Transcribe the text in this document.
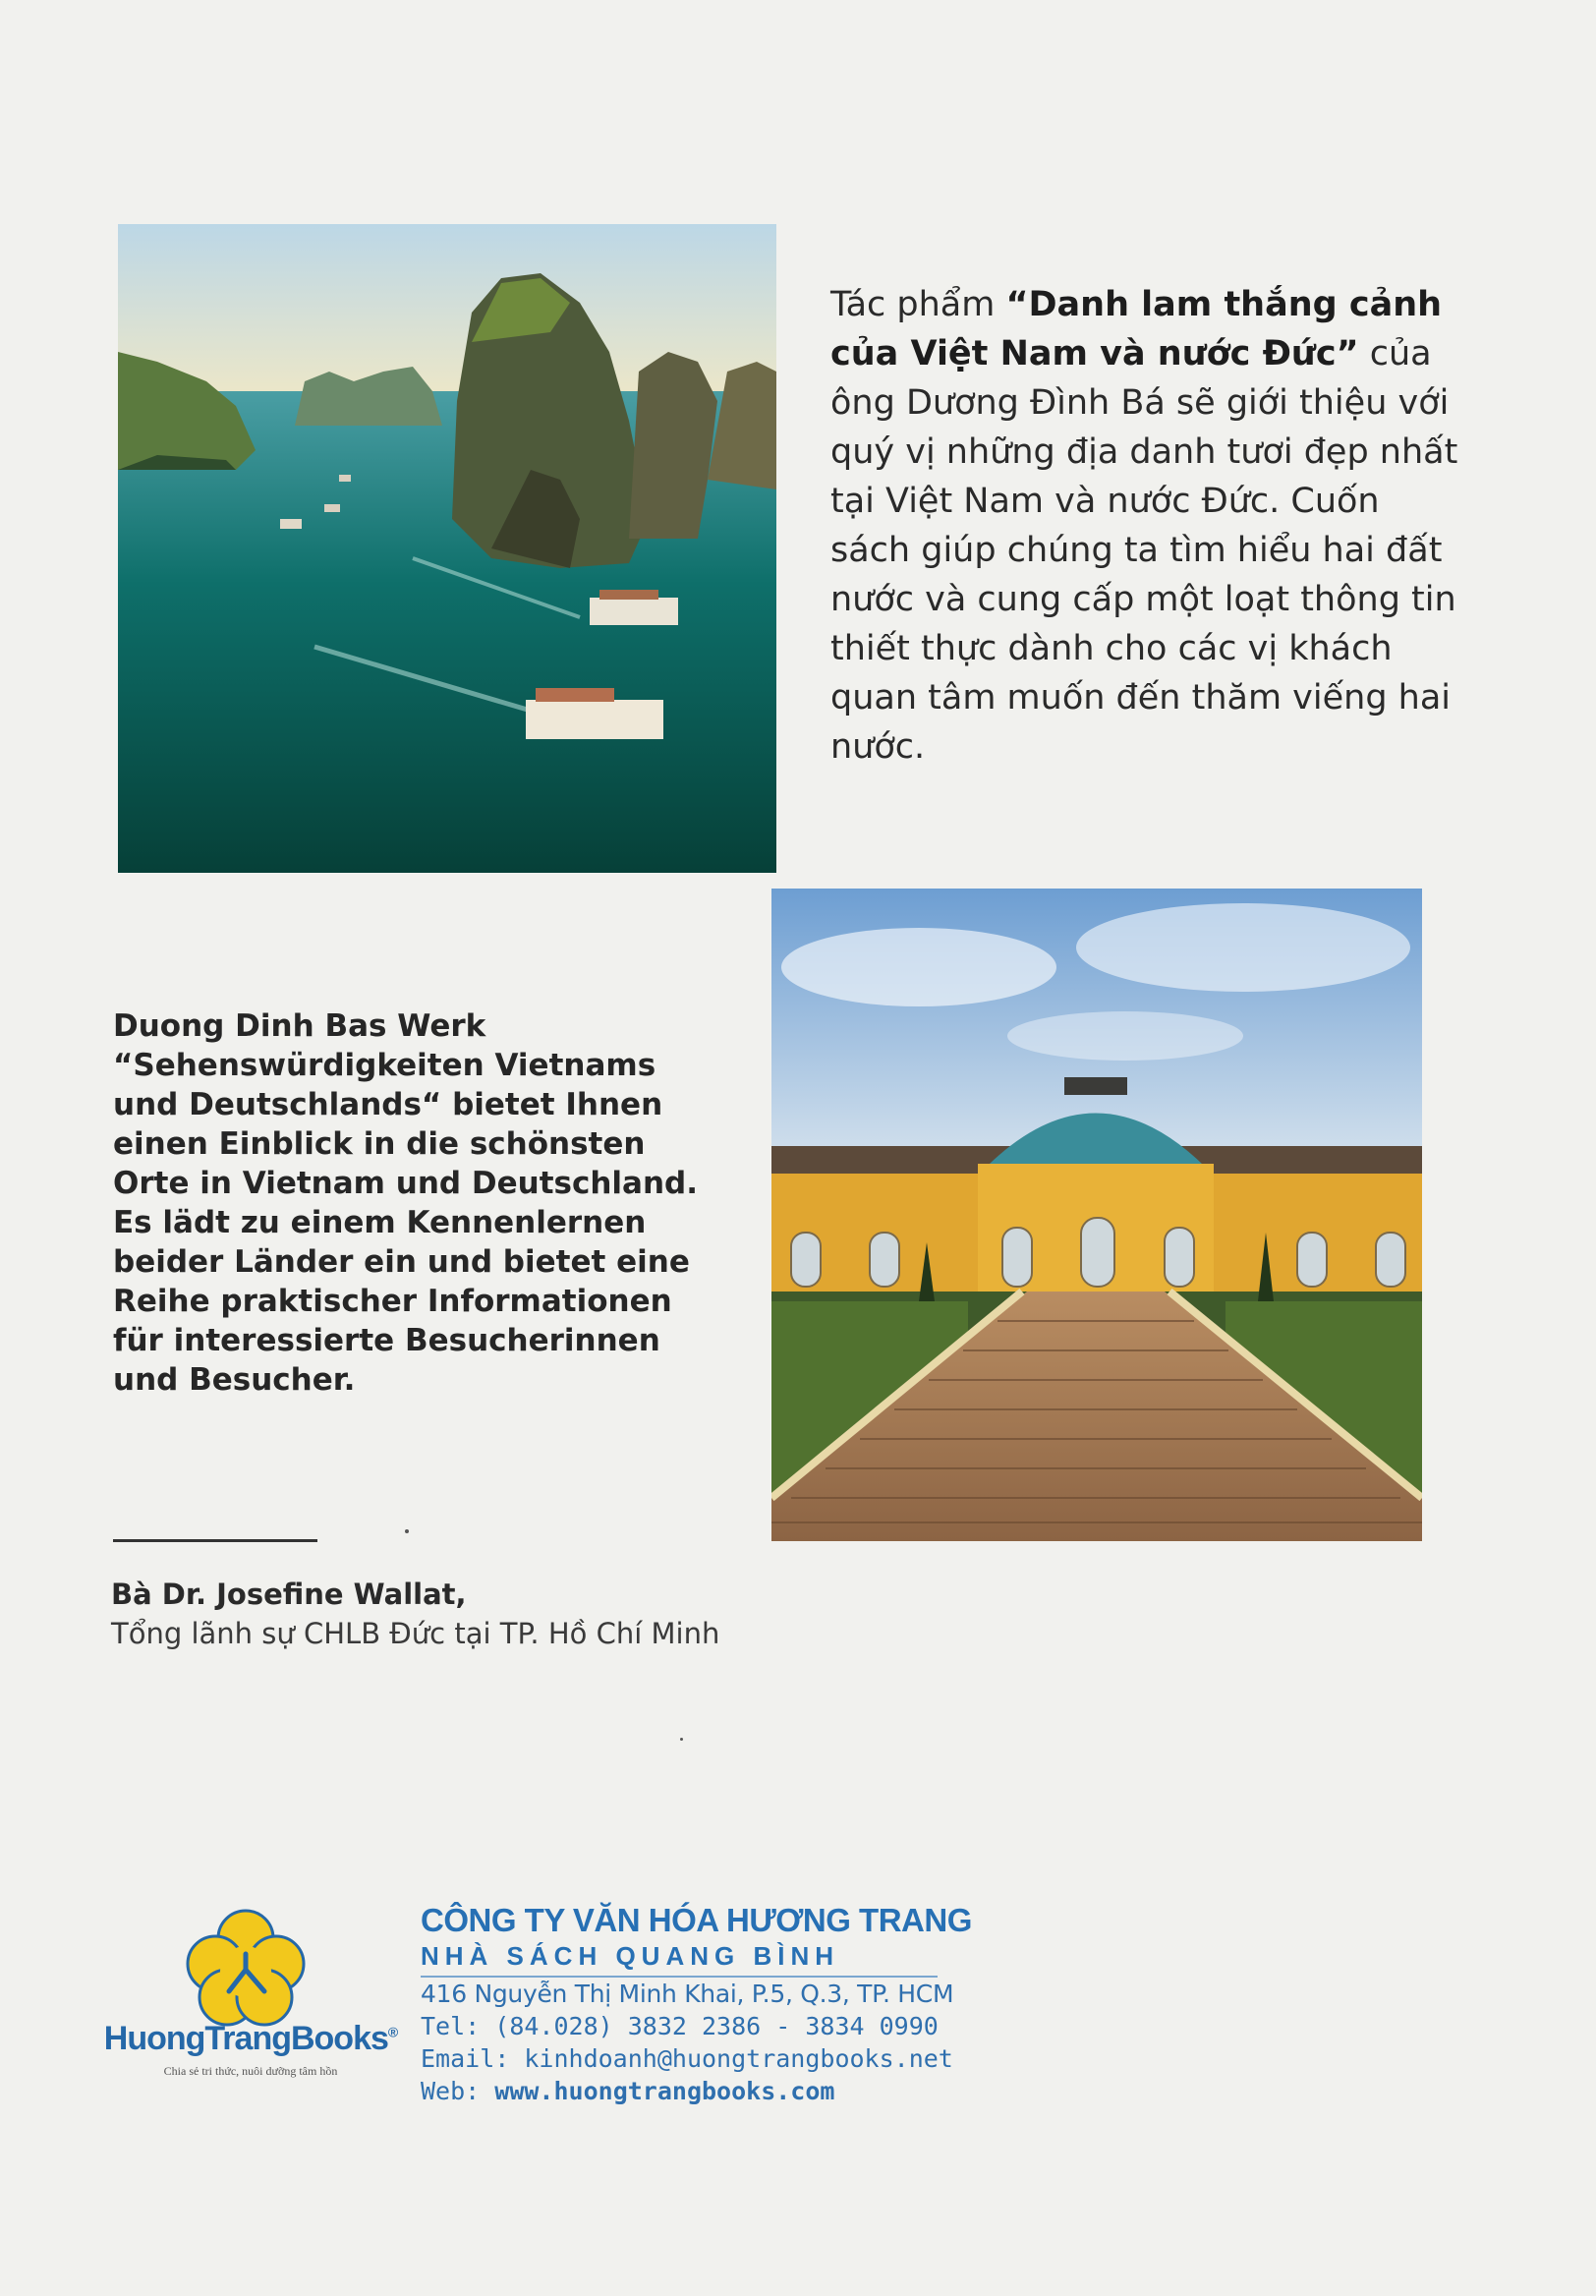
Tác phẩm “Danh lam thắng cảnh của Việt Nam và nước Đức” của ông Dương Đình Bá sẽ giới thiệu với quý vị những địa danh tươi đẹp nhất tại Việt Nam và nước Đức. Cuốn sách giúp chúng ta tìm hiểu hai đất nước và cung cấp một loạt thông tin thiết thực dành cho các vị khách quan tâm muốn đến thăm viếng hai nước.
Duong Dinh Bas Werk
“Sehenswürdigkeiten Vietnams
und Deutschlands“ bietet Ihnen
einen Einblick in die schönsten
Orte in Vietnam und Deutschland.
Es lädt zu einem Kennenlernen
beider Länder ein und bietet eine
Reihe praktischer Informationen
für interessierte Besucherinnen
und Besucher.
Bà Dr. Josefine Wallat,
Tổng lãnh sự CHLB Đức tại TP. Hồ Chí Minh
HuongTrangBooks®
Chia sẻ tri thức, nuôi dưỡng tâm hồn
CÔNG TY VĂN HÓA HƯƠNG TRANG
NHÀ SÁCH QUANG BÌNH
416 Nguyễn Thị Minh Khai, P.5, Q.3, TP. HCM
Tel: (84.028) 3832 2386 - 3834 0990
Email: kinhdoanh@huongtrangbooks.net
Web: www.huongtrangbooks.com
